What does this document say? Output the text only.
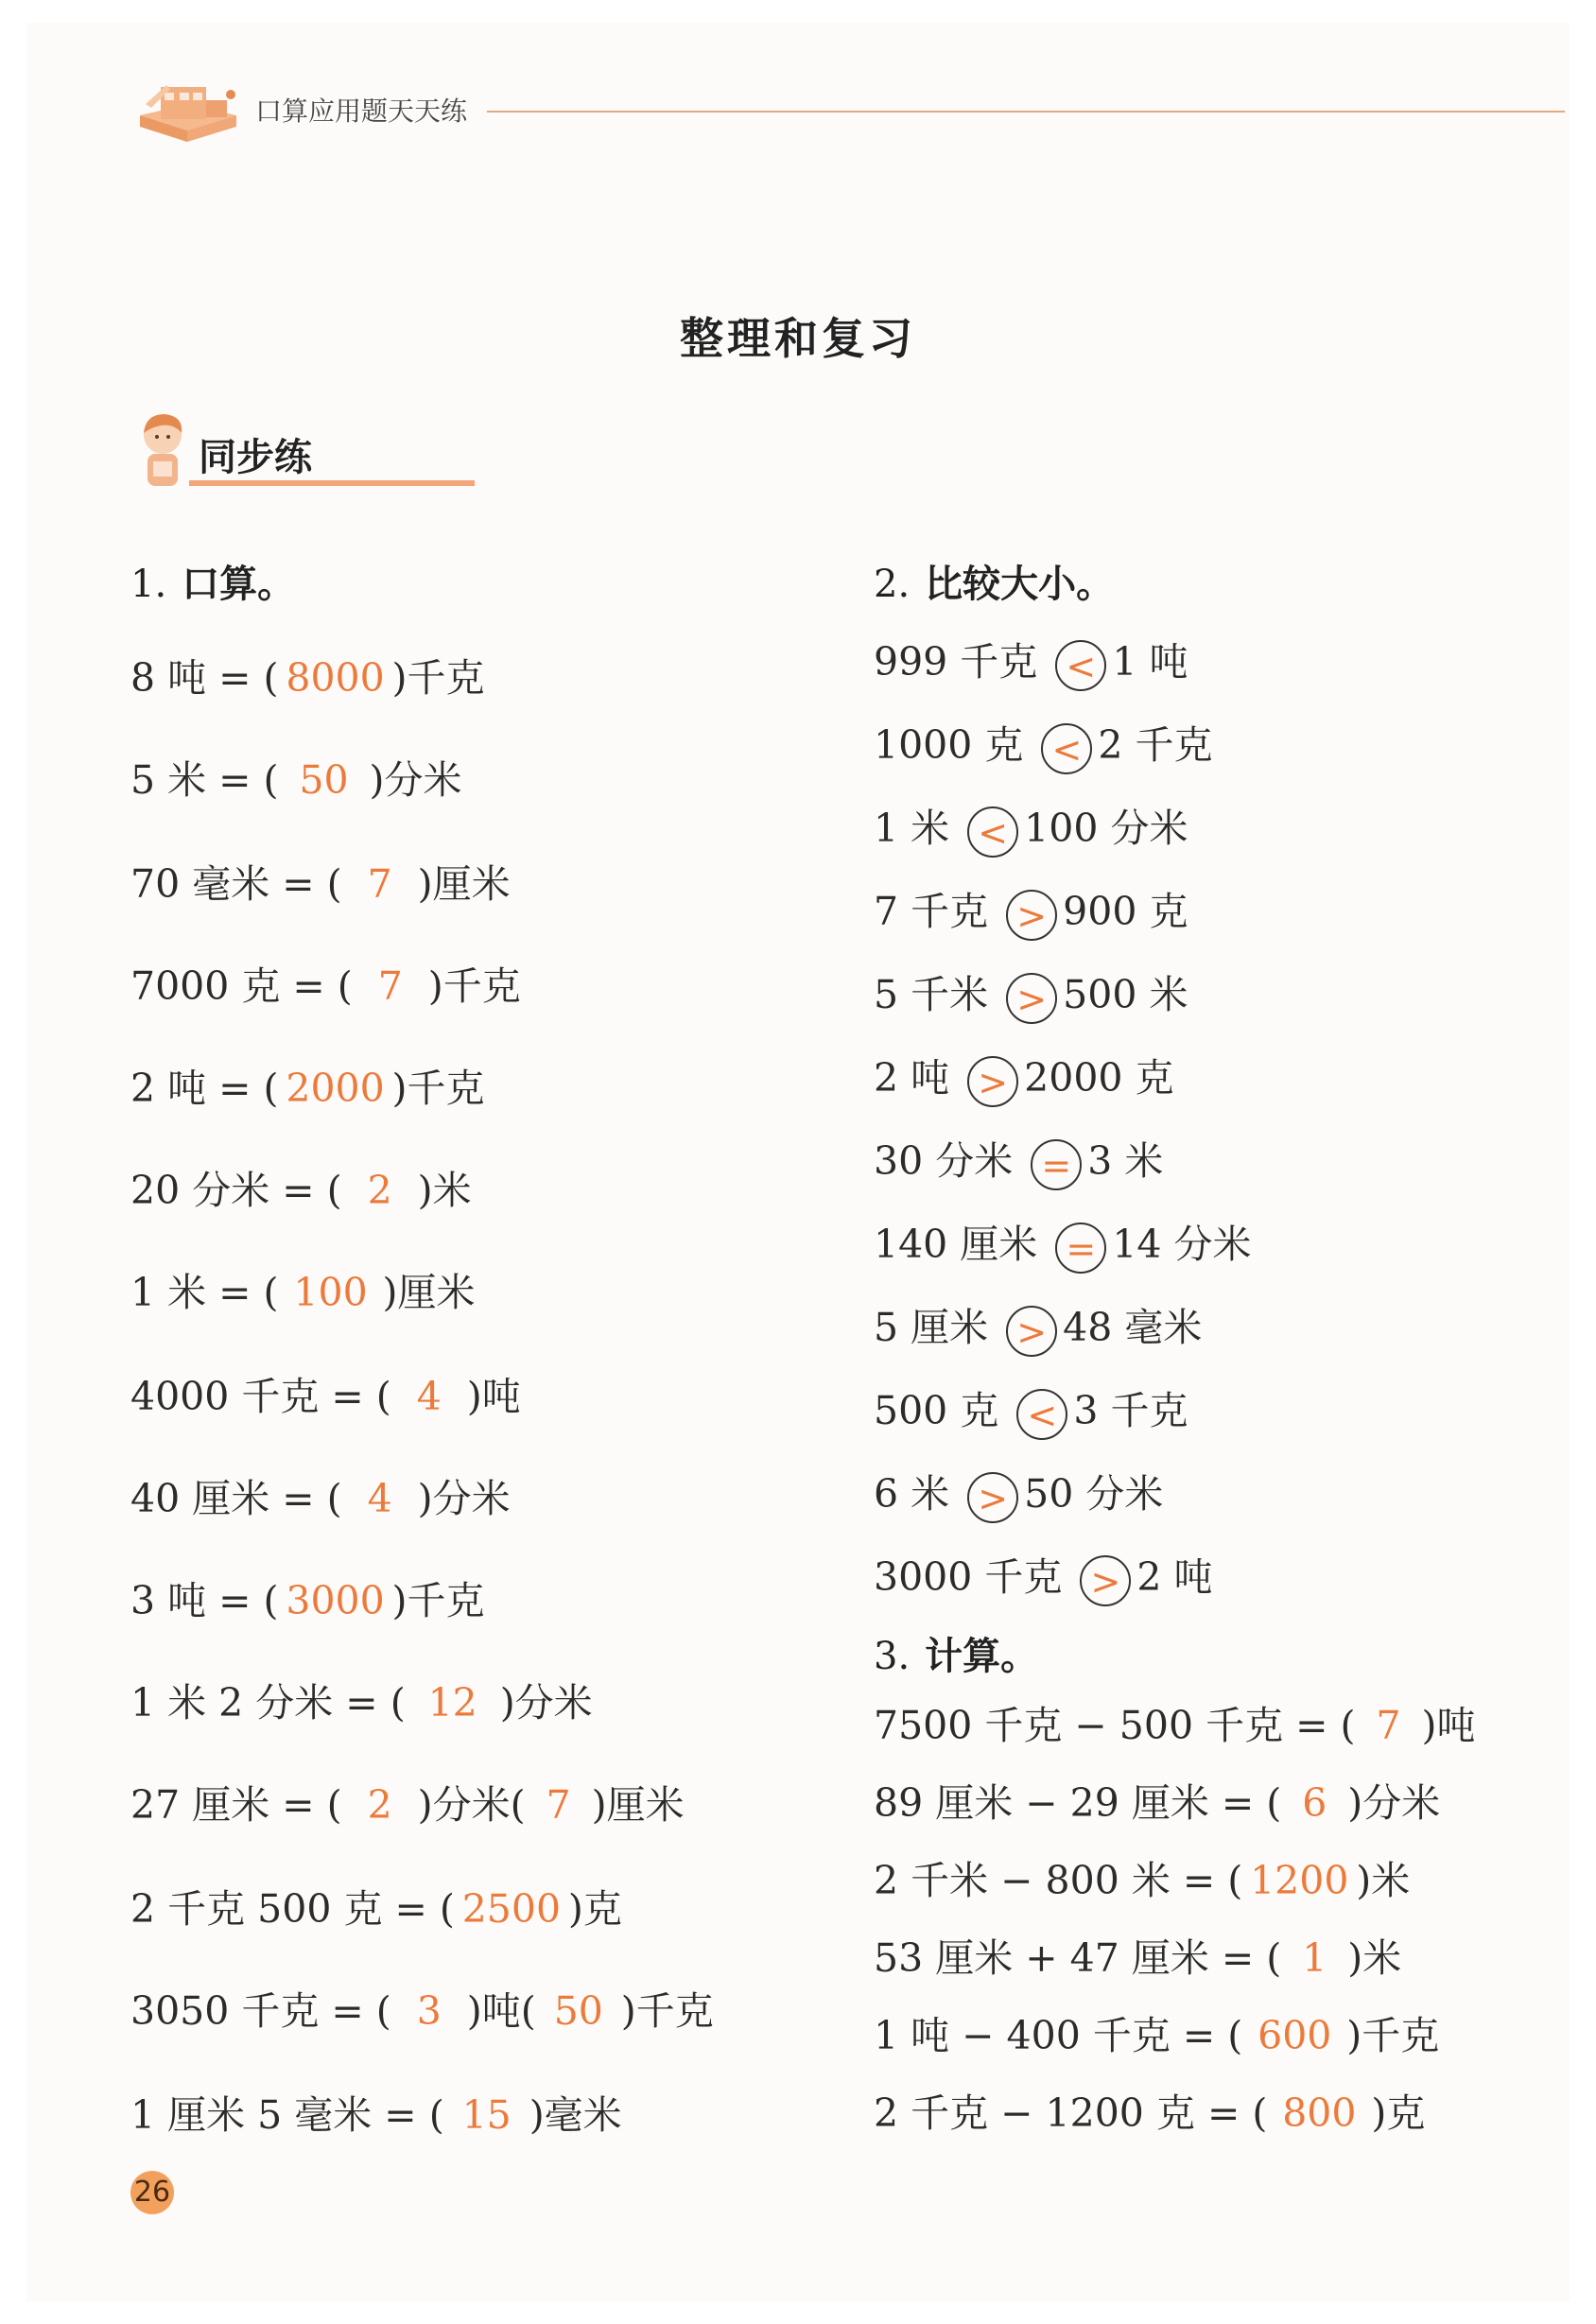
口算应用题天天练
整理和复习
同步练
1. 口算。
8 吨 = ( 8000 )千克
5 米 = ( 50 )分米
70 毫米 = ( 7 )厘米
7000 克 = ( 7 )千克
2 吨 = ( 2000 )千克
20 分米 = ( 2 )米
1 米 = ( 100 )厘米
4000 千克 = ( 4 )吨
40 厘米 = ( 4 )分米
3 吨 = ( 3000 )千克
1 米 2 分米 = ( 12 )分米
27 厘米 = ( 2 )分米( 7 )厘米
2 千克 500 克 = ( 2500 )克
3050 千克 = ( 3 )吨( 50 )千克
1 厘米 5 毫米 = ( 15 )毫米
2. 比较大小。
999 千克 < 1 吨
1000 克 < 2 千克
1 米 < 100 分米
7 千克 > 900 克
5 千米 > 500 米
2 吨 > 2000 克
30 分米 = 3 米
140 厘米 = 14 分米
5 厘米 > 48 毫米
500 克 < 3 千克
6 米 > 50 分米
3000 千克 > 2 吨
3. 计算。
7500 千克 − 500 千克 = ( 7 )吨
89 厘米 − 29 厘米 = ( 6 )分米
2 千米 − 800 米 = ( 1200 )米
53 厘米 + 47 厘米 = ( 1 )米
1 吨 − 400 千克 = ( 600 )千克
2 千克 − 1200 克 = ( 800 )克
26
